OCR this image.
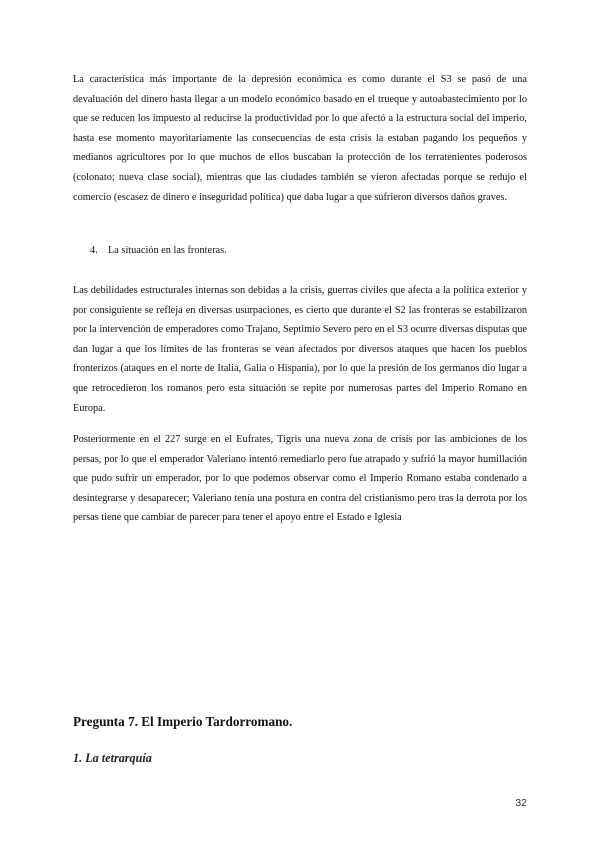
La característica más importante de la depresión económica es como durante el S3 se pasó de una devaluación del dinero hasta llegar a un modelo económico basado en el trueque y autoabastecimiento por lo que se reducen los impuesto al reducirse la productividad por lo que afectó a la estructura social del imperio, hasta ese momento mayoritariamente las consecuencias de esta crisis la estaban pagando los pequeños y medianos agricultores por lo que muchos de ellos buscaban la protección de los terratenientes poderosos (colonato; nueva clase social), mientras que las ciudades también se vieron afectadas porque se redujo el comercio (escasez de dinero e inseguridad política) que daba lugar a que sufrieron diversos daños graves.

4. La situación en las fronteras.

Las debilidades estructurales internas son debidas a la crisis, guerras civiles que afecta a la política exterior y por consiguiente se refleja en diversas usurpaciones, es cierto que durante el S2 las fronteras se estabilizaron por la intervención de emperadores como Trajano, Septimio Severo pero en el S3 ocurre diversas disputas que dan lugar a que los límites de las fronteras se vean afectados por diversos ataques que hacen los pueblos fronterizos (ataques en el norte de Italia, Galia o Hispania), por lo que la presión de los germanos dio lugar a que retrocedieron los romanos pero esta situación se repite por numerosas partes del Imperio Romano en Europa.

Posteriormente en el 227 surge en el Eufrates, Tigris una nueva zona de crisis por las ambiciones de los persas, por lo que el emperador Valeriano intentó remediarlo pero fue atrapado y sufrió la mayor humillación que pudo sufrir un emperador, por lo que podemos observar como el Imperio Romano estaba condenado a desintegrarse y desaparecer; Valeriano tenía una postura en contra del cristianismo pero tras la derrota por los persas tiene que cambiar de parecer para tener el apoyo entre el Estado e Iglesia

Pregunta 7. El Imperio Tardorromano.
1. La tetrarquía
32
